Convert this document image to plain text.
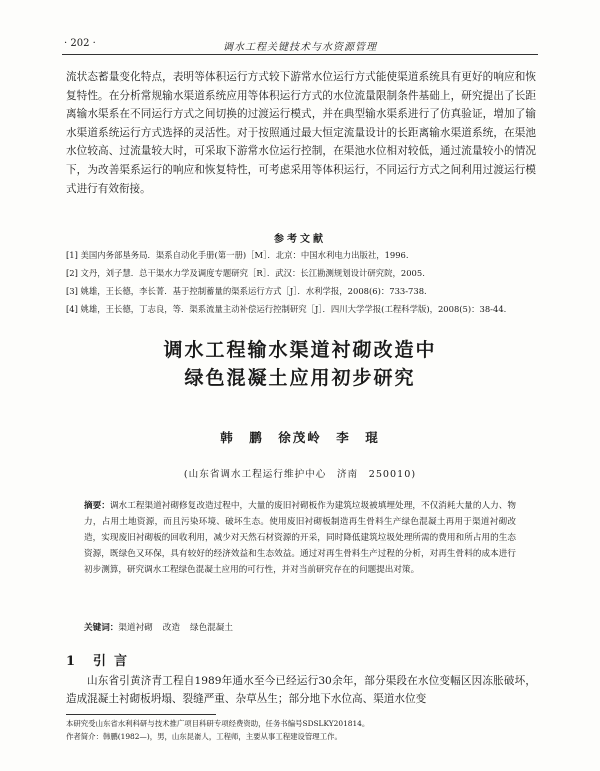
· 202 ·	调水工程关键技术与水资源管理

流状态蓄量变化特点，表明等体积运行方式较下游常水位运行方式能使渠道系统具有更好的响应和恢复特性。在分析常规输水渠道系统应用等体积运行方式的水位流量限制条件基础上，研究提出了长距离输水渠系在不同运行方式之间切换的过渡运行模式，并在典型输水渠系进行了仿真验证，增加了输水渠道系统运行方式选择的灵活性。对于按照通过最大恒定流量设计的长距离输水渠道系统，在渠池水位较高、过流量较大时，可采取下游常水位运行控制，在渠池水位相对较低，通过流量较小的情况下，为改善渠系运行的响应和恢复特性，可考虑采用等体积运行，不同运行方式之间利用过渡运行模式进行有效衔接。

参考文献
[1] 美国内务部垦务局．渠系自动化手册(第一册)［M］．北京：中国水利电力出版社，1996.
[2] 文丹，刘子慧．总干渠水力学及调度专题研究［R］．武汉：长江勘测规划设计研究院，2005.
[3] 姚雄，王长德，李长菁．基于控制蓄量的渠系运行方式［J］．水利学报，2008(6)：733-738.
[4] 姚雄，王长德，丁志良，等．渠系流量主动补偿运行控制研究［J］．四川大学学报(工程科学版)，2008(5)：38-44.
调水工程输水渠道衬砌改造中
绿色混凝土应用初步研究
韩　鹏　徐茂岭　李　琨
(山东省调水工程运行维护中心　济南　250010)
摘要：调水工程渠道衬砌修复改造过程中，大量的废旧衬砌板作为建筑垃圾被填埋处理，不仅消耗大量的人力、物力，占用土地资源，而且污染环境、破坏生态。使用废旧衬砌板制造再生骨料生产绿色混凝土再用于渠道衬砌改造，实现废旧衬砌板的回收利用，减少对天然石材资源的开采，同时降低建筑垃圾处理所需的费用和所占用的生态资源，既绿色又环保，具有较好的经济效益和生态效益。通过对再生骨料生产过程的分析，对再生骨料的成本进行初步测算，研究调水工程绿色混凝土应用的可行性，并对当前研究存在的问题提出对策。
关键词：渠道衬砌 改造 绿色混凝土
1 引言

山东省引黄济青工程自1989年通水至今已经运行30余年，部分渠段在水位变幅区因冻胀破坏，造成混凝土衬砌板坍塌、裂缝严重、杂草丛生；部分地下水位高、渠道水位变

本研究受山东省水利科研与技术推广项目科研专项经费资助，任务书编号SDSLKY201814。
作者简介：韩鹏(1982—)，男，山东昆嵛人，工程师，主要从事工程建设管理工作。
